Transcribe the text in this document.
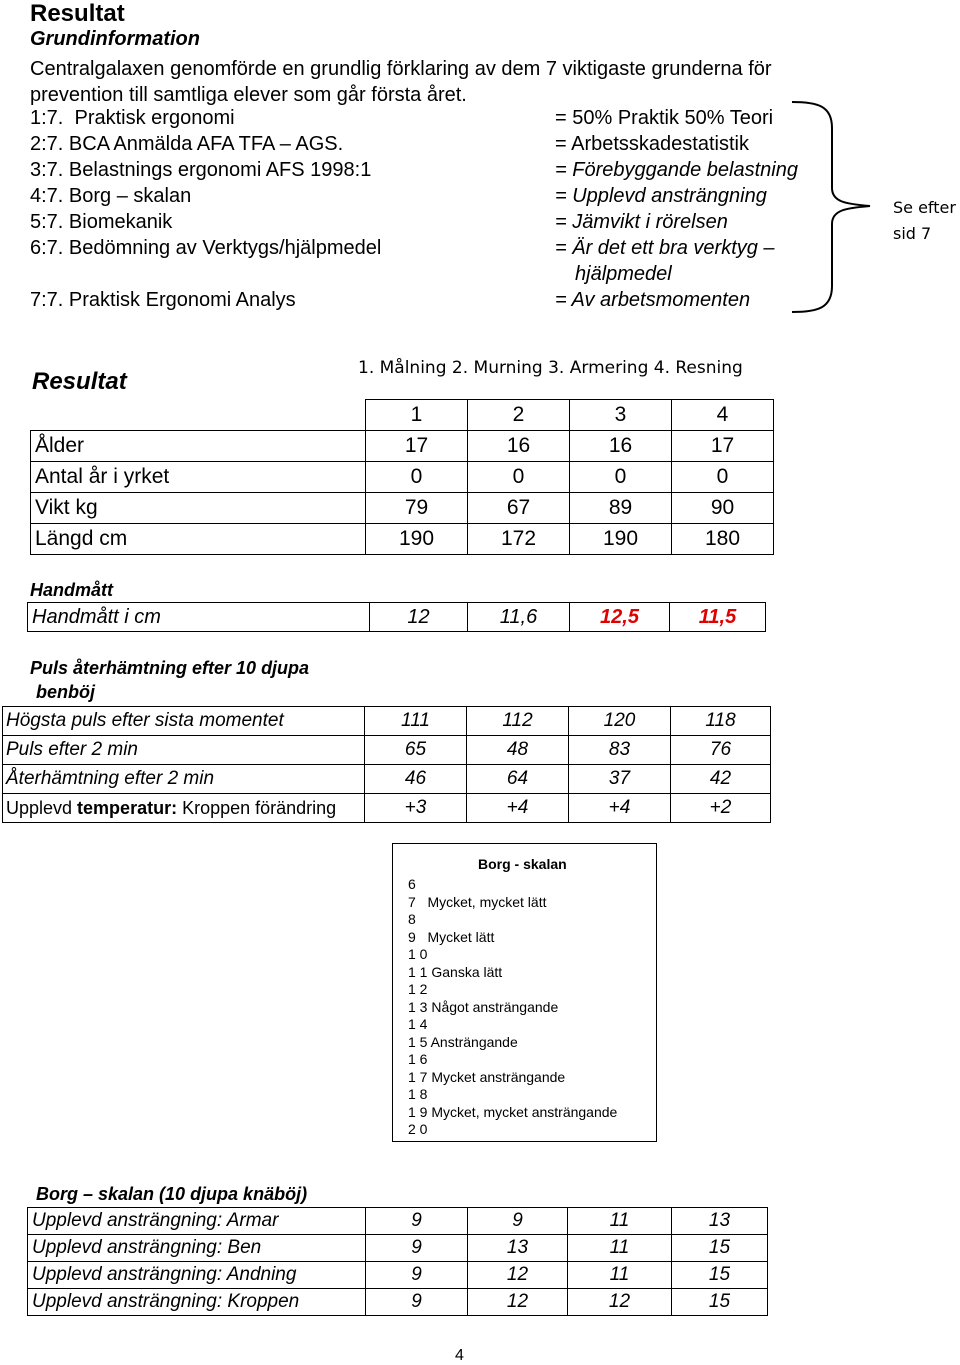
Resultat
Grundinformation
Centralgalaxen genomförde en grundlig förklaring av dem 7 viktigaste grunderna för
prevention till samtliga elever som går första året.
1:7. Praktisk ergonomi	= 50% Praktik 50% Teori
2:7. BCA Anmälda AFA TFA – AGS.	= Arbetsskadestatistik
3:7. Belastnings ergonomi AFS 1998:1	= Förebyggande belastning
4:7. Borg – skalan	= Upplevd ansträngning
5:7. Biomekanik	= Jämvikt i rörelsen
6:7. Bedömning av Verktygs/hjälpmedel	= Är det ett bra verktyg –
hjälpmedel
7:7. Praktisk Ergonomi Analys	= Av arbetsmomenten
Se efter
sid 7
Resultat	1. Målning 2. Murning 3. Armering 4. Resning
	1	2	3	4
Ålder	17	16	16	17
Antal år i yrket	0	0	0	0
Vikt kg	79	67	89	90
Längd cm	190	172	190	180
Handmått
Handmått i cm	12	11,6	12,5	11,5
Puls återhämtning efter 10 djupa
benböj
Högsta puls efter sista momentet	111	112	120	118
Puls efter 2 min	65	48	83	76
Återhämtning efter 2 min	46	64	37	42
Upplevd temperatur: Kroppen förändring	+3	+4	+4	+2
Borg - skalan
6
7   Mycket, mycket lätt
8
9   Mycket lätt
1 0
1 1 Ganska lätt
1 2
1 3 Något ansträngande
1 4
1 5 Ansträngande
1 6
1 7 Mycket ansträngande
1 8
1 9 Mycket, mycket ansträngande
2 0
Borg – skalan (10 djupa knäböj)
Upplevd ansträngning: Armar	9	9	11	13
Upplevd ansträngning: Ben	9	13	11	15
Upplevd ansträngning: Andning	9	12	11	15
Upplevd ansträngning: Kroppen	9	12	12	15
4
